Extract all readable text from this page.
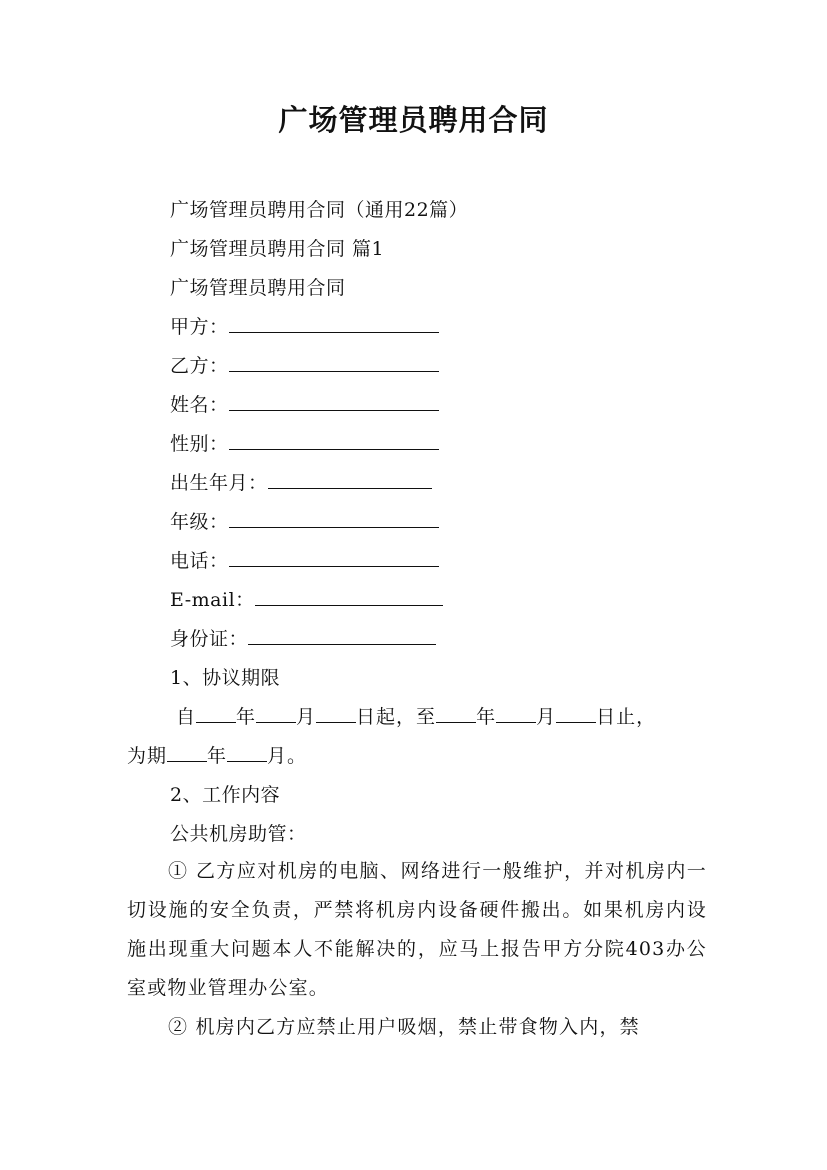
广场管理员聘用合同
广场管理员聘用合同（通用22篇）
广场管理员聘用合同 篇1
广场管理员聘用合同
甲方：
乙方：
姓名：
性别：
出生年月：
年级：
电话：
E-mail：
身份证：
1、协议期限
自 年 月 日起，至 年 月 日止，
为期 年 月。
2、工作内容
公共机房助管：
① 乙方应对机房的电脑、网络进行一般维护，并对机房内一切设施的安全负责，严禁将机房内设备硬件搬出。如果机房内设施出现重大问题本人不能解决的，应马上报告甲方分院403办公室或物业管理办公室。
② 机房内乙方应禁止用户吸烟，禁止带食物入内，禁
